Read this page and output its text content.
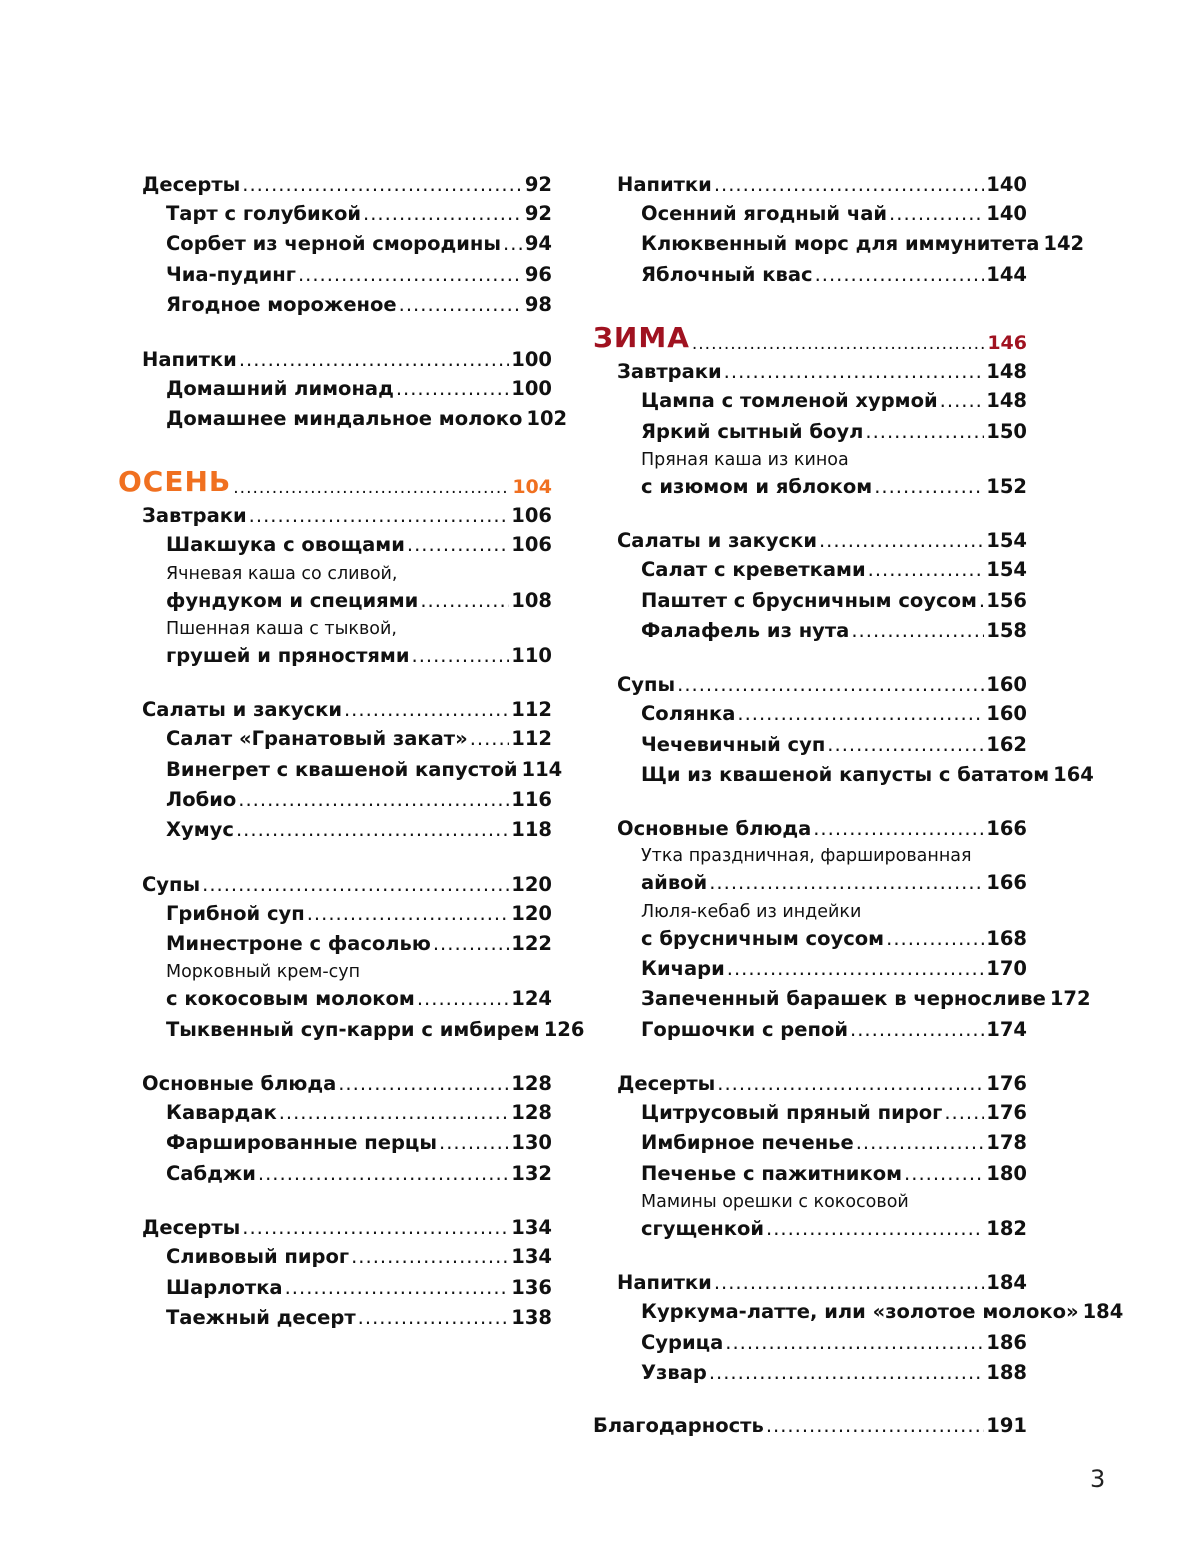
Десерты .....	92
Тарт с голубикой .....	92
Сорбет из черной смородины ..... 94
Чиа-пудинг .....	96
Ягодное мороженое .....	98
Напитки .....	100
Домашний лимонад .....	100
Домашнее миндальное молоко 102
ОСЕНЬ .....	104
Завтраки .....	106
Шакшука с овощами .....	106
Ячневая каша со сливой,
фундуком и специями .....	108
Пшенная каша с тыквой,
грушей и пряностями .....	110
Салаты и закуски .....	112
Салат «Гранатовый закат» ..... 112
Винегрет с квашеной капустой 114
Лобио .....	116
Хумус .....	118
Супы .....	120
Грибной суп .....	120
Минестроне с фасолью .....	122
Морковный крем-суп
с кокосовым молоком .....	124
Тыквенный суп-карри с имбирем 126
Основные блюда .....	128
Кавардак .....	128
Фаршированные перцы .....	130
Сабджи .....	132
Десерты .....	134
Сливовый пирог .....	134
Шарлотка .....	136
Таежный десерт .....	138
Напитки .....	140
Осенний ягодный чай .....	140
Клюквенный морс для иммунитета 142
Яблочный квас .....	144
ЗИМА .....	146
Завтраки .....	148
Цампа с томленой хурмой ..... 148
Яркий сытный боул .....	150
Пряная каша из киноа
с изюмом и яблоком .....	152
Салаты и закуски .....	154
Салат с креветками .....	154
Паштет с брусничным соусом ..... 156
Фалафель из нута .....	158
Супы .....	160
Солянка .....	160
Чечевичный суп .....	162
Щи из квашеной капусты с бататом 164
Основные блюда .....	166
Утка праздничная, фаршированная
айвой .....	166
Люля-кебаб из индейки
с брусничным соусом .....	168
Кичари .....	170
Запеченный барашек в черносливе 172
Горшочки с репой .....	174
Десерты .....	176
Цитрусовый пряный пирог ..... 176
Имбирное печенье .....	178
Печенье с пажитником .....	180
Мамины орешки с кокосовой
сгущенкой .....	182
Напитки .....	184
Куркума-латте, или «золотое молоко» 184
Сурица .....	186
Узвар .....	188
Благодарность .....	191
3
